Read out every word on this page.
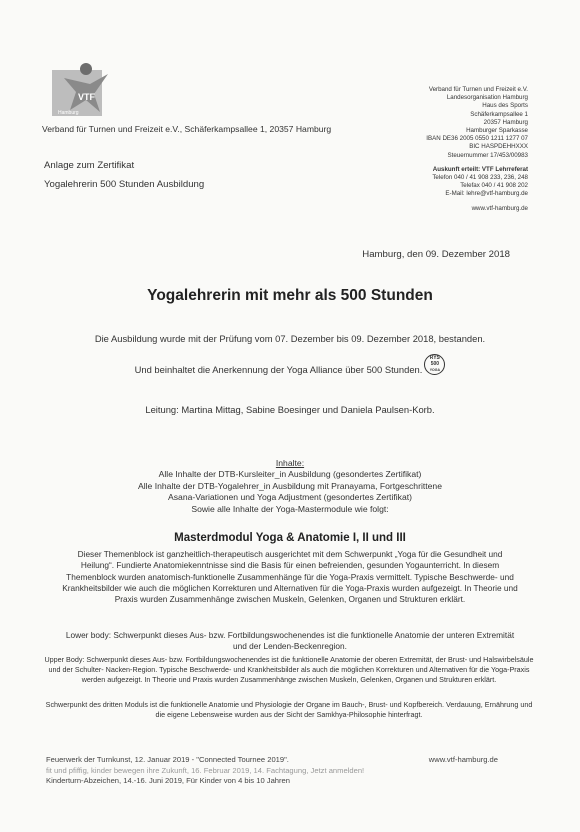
VTF
Hamburg
Verband für Turnen und Freizeit e.V., Schäferkampsallee 1, 20357 Hamburg
Anlage zum Zertifikat
Yogalehrerin 500 Stunden Ausbildung
Verband für Turnen und Freizeit e.V.
Landesorganisation Hamburg
Haus des Sports
Schäferkampsallee 1
20357 Hamburg
Hamburger Sparkasse
IBAN DE36 2005 0550 1211 1277 07
BIC HASPDEHHXXX
Steuernummer 17/453/00983
Auskunft erteilt: VTF Lehrreferat
Telefon 040 / 41 908 233, 236, 248
Telefax 040 / 41 908 202
E-Mail: lehre@vtf-hamburg.de
www.vtf-hamburg.de
Hamburg, den 09. Dezember 2018
Yogalehrerin mit mehr als 500 Stunden
Die Ausbildung wurde mit der Prüfung vom 07. Dezember bis 09. Dezember 2018, bestanden.
Und beinhaltet die Anerkennung der Yoga Alliance über 500 Stunden.
RYS
500
YOGA
Leitung: Martina Mittag, Sabine Boesinger und Daniela Paulsen-Korb.
Inhalte:
Alle Inhalte der DTB-Kursleiter_in Ausbildung (gesondertes Zertifikat)
Alle Inhalte der DTB-Yogalehrer_in Ausbildung mit Pranayama, Fortgeschrittene
Asana-Variationen und Yoga Adjustment (gesondertes Zertifikat)
Sowie alle Inhalte der Yoga-Mastermodule wie folgt:
Masterdmodul Yoga & Anatomie I, II und III
Dieser Themenblock ist ganzheitlich-therapeutisch ausgerichtet mit dem Schwerpunkt „Yoga für die Gesundheit und Heilung“. Fundierte Anatomiekenntnisse sind die Basis für einen befreienden, gesunden Yogaunterricht. In diesem Themenblock wurden anatomisch-funktionelle Zusammenhänge für die Yoga-Praxis vermittelt. Typische Beschwerde- und Krankheitsbilder wie auch die möglichen Korrekturen und Alternativen für die Yoga-Praxis wurden aufgezeigt. In Theorie und Praxis wurden Zusammenhänge zwischen Muskeln, Gelenken, Organen und Strukturen erklärt.
Lower body: Schwerpunkt dieses Aus- bzw. Fortbildungswochenendes ist die funktionelle Anatomie der unteren Extremität und der Lenden-Beckenregion.
Upper Body: Schwerpunkt dieses Aus- bzw. Fortbildungswochenendes ist die funktionelle Anatomie der oberen Extremität, der Brust- und Halswirbelsäule und der Schulter- Nacken-Region. Typische Beschwerde- und Krankheitsbilder als auch die möglichen Korrekturen und Alternativen für die Yoga-Praxis werden aufgezeigt. In Theorie und Praxis wurden Zusammenhänge zwischen Muskeln, Gelenken, Organen und Strukturen erklärt.
Schwerpunkt des dritten Moduls ist die funktionelle Anatomie und Physiologie der Organe im Bauch-, Brust- und Kopfbereich. Verdauung, Ernährung und die eigene Lebensweise wurden aus der Sicht der Samkhya-Philosophie hinterfragt.
Feuerwerk der Turnkunst, 12. Januar 2019 - "Connected Tournee 2019".
fit und pfiffig, kinder bewegen ihre Zukunft, 16. Februar 2019, 14. Fachtagung, Jetzt anmelden!
Kinderturn-Abzeichen, 14.-16. Juni 2019, Für Kinder von 4 bis 10 Jahren
www.vtf-hamburg.de
